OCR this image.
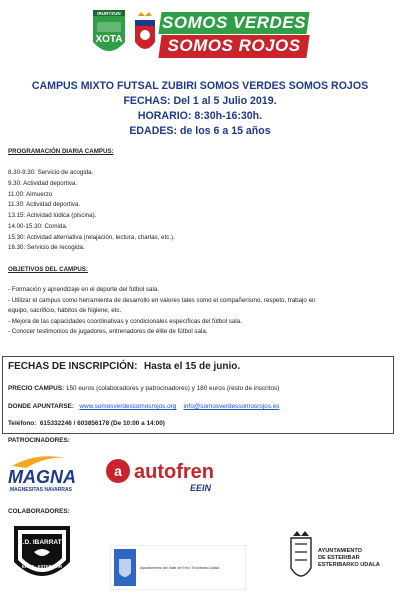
IRURTZUN
XOTA
SOMOS VERDES
SOMOS ROJOS
CAMPUS MIXTO FUTSAL ZUBIRI SOMOS VERDES SOMOS ROJOS
FECHAS: Del 1 al 5 Julio 2019.
HORARIO: 8:30h-16:30h.
EDADES: de los 6 a 15 años
PROGRAMACIÓN DIARIA CAMPUS:
8.30-9.30: Servicio de acogida.
9.30: Actividad deportiva.
11.00: Almuerzo
11.30: Actividad deportiva.
13.15: Actividad lúdica (piscina).
14.00-15.30: Comida.
15.30: Actividad alternativa (relajación, lectura, charlas, etc.).
16.30: Servicio de recogida.
OBJETIVOS DEL CAMPUS:
- Formación y aprendizaje en el deporte del fútbol sala.
- Utilizar el campus como herramienta de desarrollo en valores tales como el compañerismo, respeto, trabajo en
equipo, sacrificio, hábitos de higiene, etc.
- Mejora de las capacidades coordinativas y condicionales específicas del fútbol sala.
- Conocer testimonios de jugadores, entrenadores de élite de fútbol sala.
FECHAS DE INSCRIPCIÓN: Hasta el 15 de junio.
PRECIO CAMPUS: 150 euros (colaboradores y patrocinadores) y 180 euros (resto de inscritos)
DONDE APUNTARSE: www.somosverdessomosrojos.org info@somosverdessomosrojos.es
Teléfono: 615332246 / 603856178 (De 10:00 a 14:00)
PATROCINADORES:
MAGNA
MAGNESITAS NAVARRAS
a autofren
EEIN
COLABORADORES:
C.D. IBARRATE
ERRO - ESTERIBAR	Ayuntamiento del Valle de Erro / Erroibarko Udala
AYUNTAMIENTO
DE ESTERIBAR
ESTERIBARKO UDALA
